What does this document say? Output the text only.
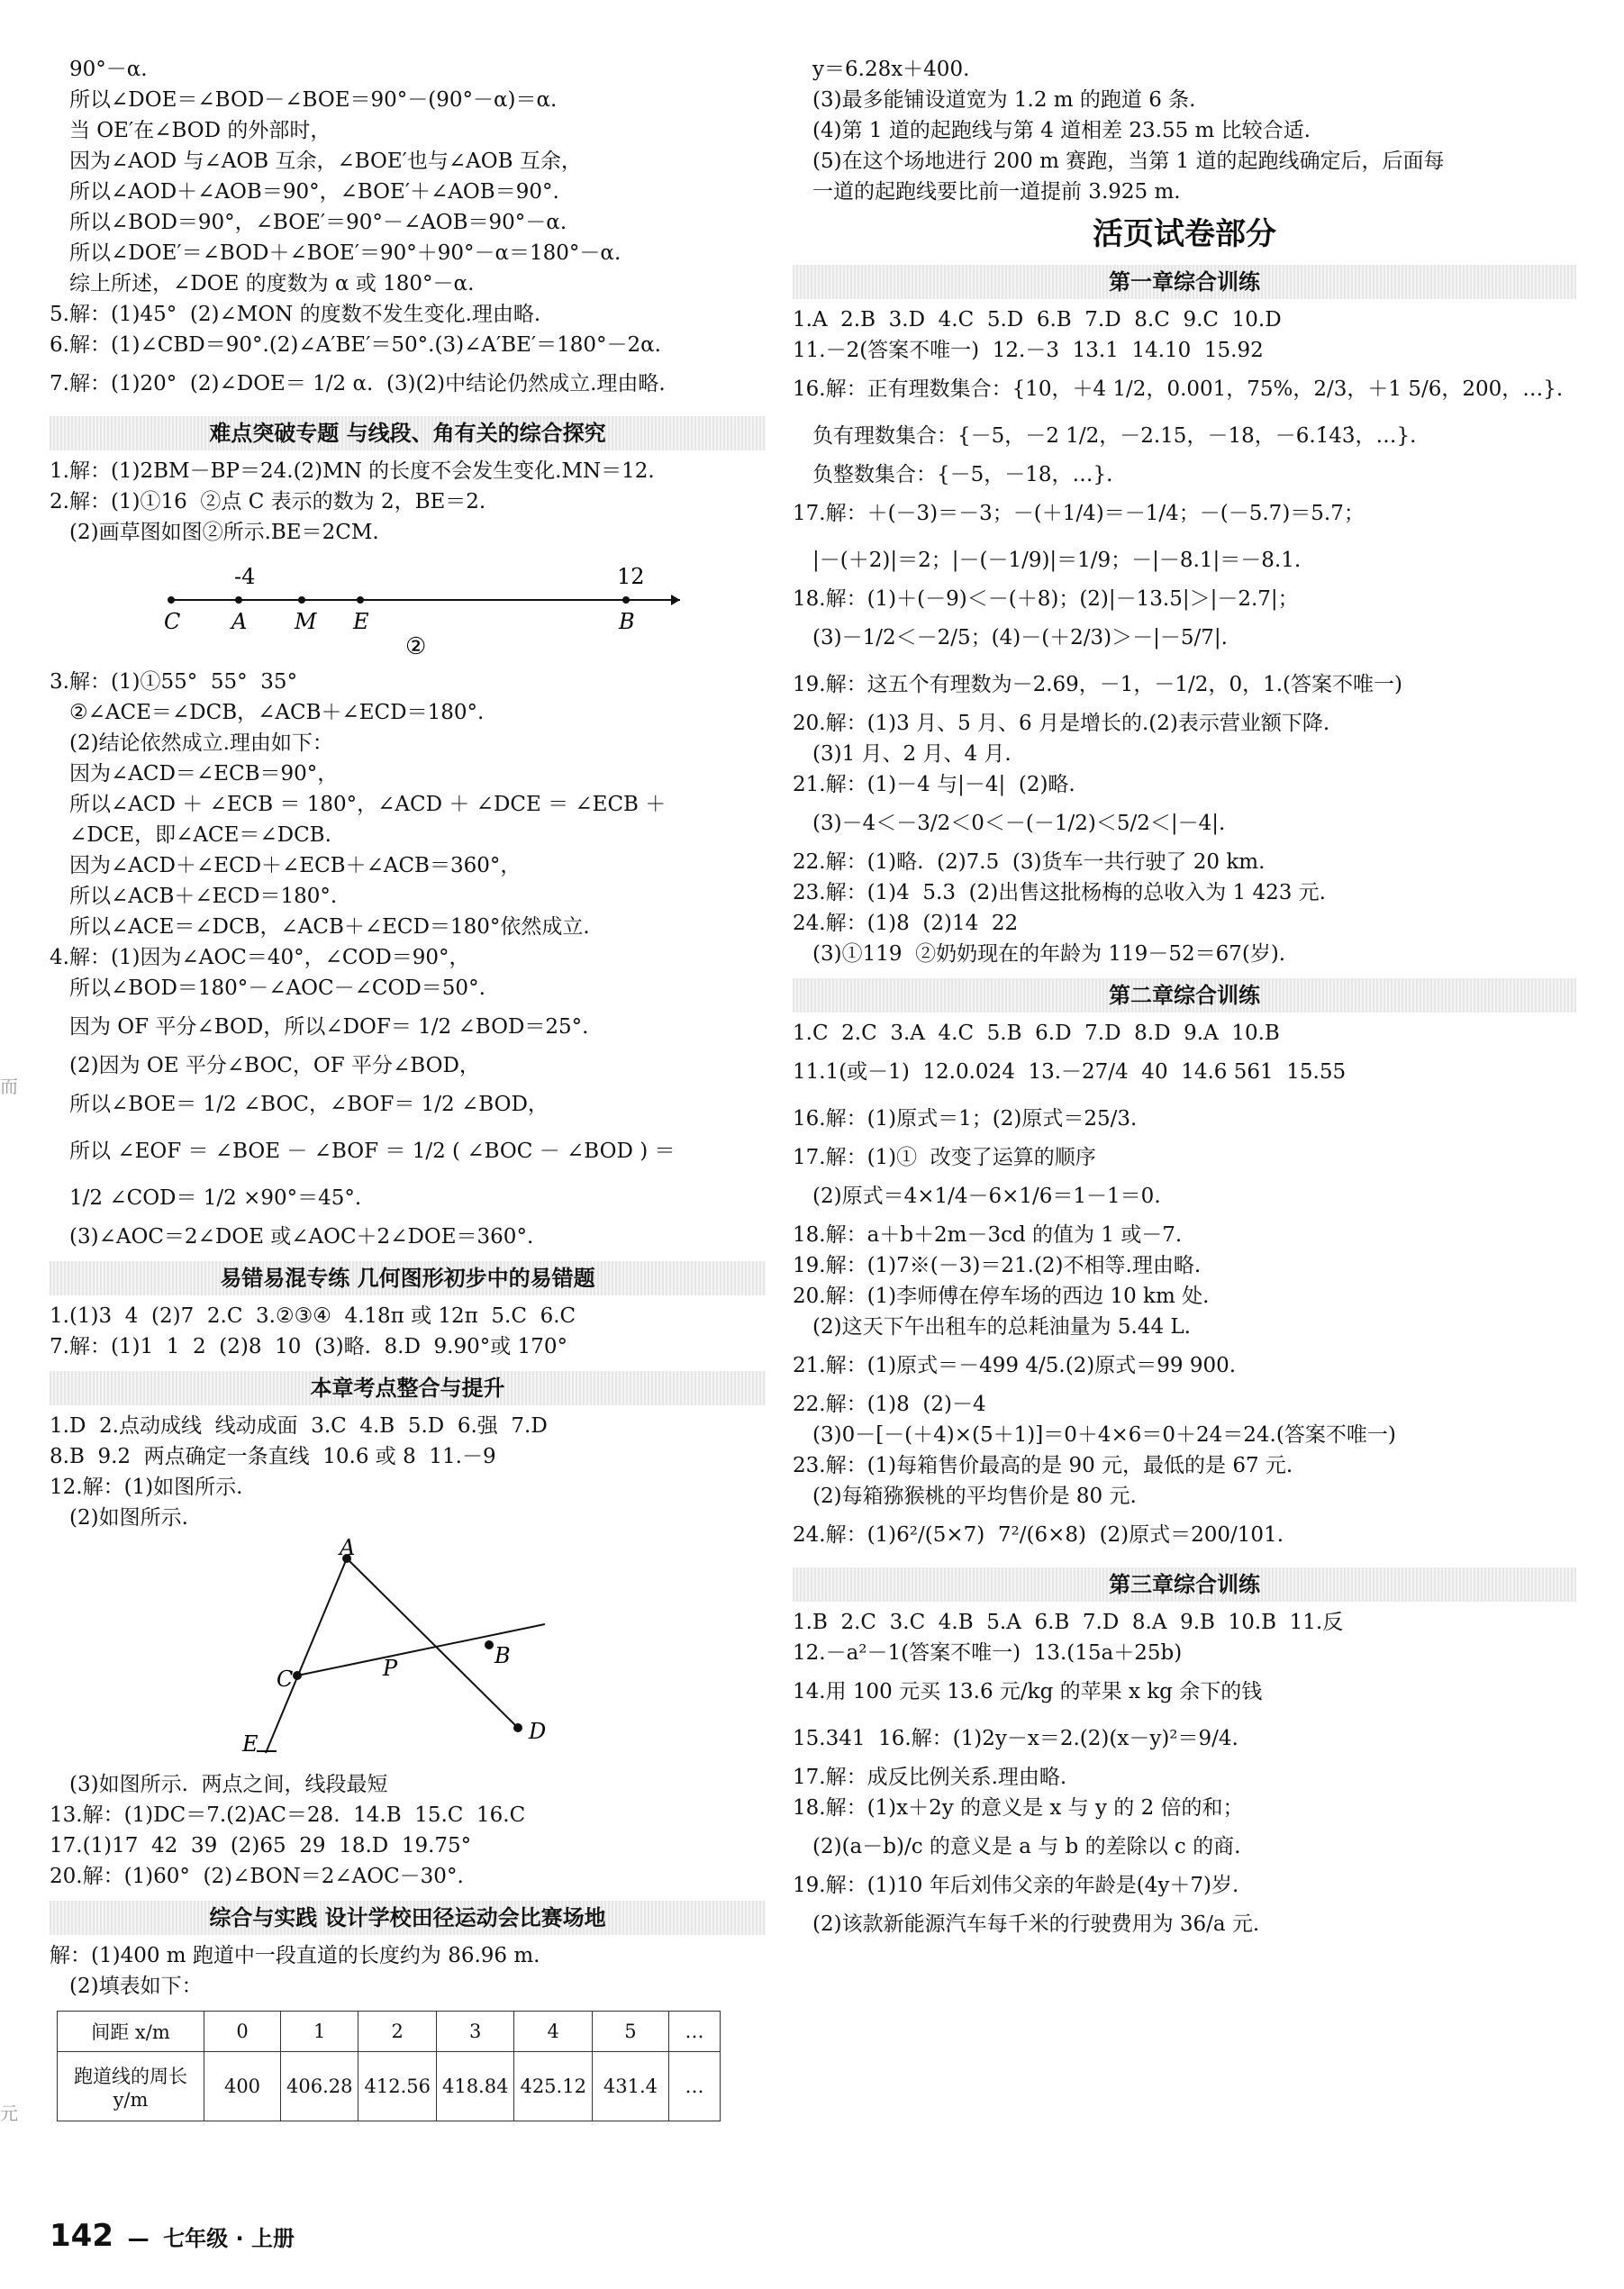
90°－α.
所以∠DOE＝∠BOD－∠BOE＝90°－(90°－α)＝α.
当 OE′在∠BOD 的外部时，
因为∠AOD 与∠AOB 互余，∠BOE′也与∠AOB 互余，
所以∠AOD＋∠AOB＝90°，∠BOE′＋∠AOB＝90°.
所以∠BOD＝90°，∠BOE′＝90°－∠AOB＝90°－α.
所以∠DOE′＝∠BOD＋∠BOE′＝90°＋90°－α＝180°－α.
综上所述，∠DOE 的度数为 α 或 180°－α.
5.解：(1)45°  (2)∠MON 的度数不发生变化.理由略.
6.解：(1)∠CBD＝90°.(2)∠A′BE′＝50°.(3)∠A′BE′＝180°－2α.
7.解：(1)20°  (2)∠DOE＝ 1/2 α.  (3)(2)中结论仍然成立.理由略.
难点突破专题 与线段、角有关的综合探究
1.解：(1)2BM－BP＝24.(2)MN 的长度不会发生变化.MN＝12.
2.解：(1)①16  ②点 C 表示的数为 2，BE＝2.
(2)画草图如图②所示.BE＝2CM.
C A M E	B
-4	12
②
3.解：(1)①55°  55°  35°
②∠ACE＝∠DCB，∠ACB＋∠ECD＝180°.
(2)结论依然成立.理由如下：
因为∠ACD＝∠ECB＝90°，
所以∠ACD ＋ ∠ECB ＝ 180°，∠ACD ＋ ∠DCE ＝ ∠ECB ＋
∠DCE，即∠ACE＝∠DCB.
因为∠ACD＋∠ECD＋∠ECB＋∠ACB＝360°，
所以∠ACB＋∠ECD＝180°.
所以∠ACE＝∠DCB，∠ACB＋∠ECD＝180°依然成立.
4.解：(1)因为∠AOC＝40°，∠COD＝90°，
所以∠BOD＝180°－∠AOC－∠COD＝50°.
因为 OF 平分∠BOD，所以∠DOF＝ 1/2 ∠BOD＝25°.
(2)因为 OE 平分∠BOC，OF 平分∠BOD，
所以∠BOE＝ 1/2 ∠BOC，∠BOF＝ 1/2 ∠BOD，
所以 ∠EOF ＝ ∠BOE － ∠BOF ＝ 1/2 ( ∠BOC － ∠BOD ) ＝
1/2 ∠COD＝ 1/2 ×90°＝45°.
(3)∠AOC＝2∠DOE 或∠AOC＋2∠DOE＝360°.
易错易混专练 几何图形初步中的易错题
1.(1)3  4  (2)7  2.C  3.②③④  4.18π 或 12π  5.C  6.C
7.解：(1)1  1  2  (2)8  10  (3)略.  8.D  9.90°或 170°
本章考点整合与提升
1.D  2.点动成线  线动成面  3.C  4.B  5.D  6.强  7.D
8.B  9.2  两点确定一条直线  10.6 或 8  11.－9
12.解：(1)如图所示.
(2)如图所示.
A
B
C	P
D
E
(3)如图所示.  两点之间，线段最短
13.解：(1)DC＝7.(2)AC＝28.  14.B  15.C  16.C
17.(1)17  42  39  (2)65  29  18.D  19.75°
20.解：(1)60°  (2)∠BON＝2∠AOC－30°.
综合与实践 设计学校田径运动会比赛场地
解：(1)400 m 跑道中一段直道的长度约为 86.96 m.
(2)填表如下：
间距 x/m	0	1	2	3	4	5	…
跑道线的周长 y/m	400	406.28	412.56	418.84	425.12	431.4	…
y＝6.28x＋400.
(3)最多能铺设道宽为 1.2 m 的跑道 6 条.
(4)第 1 道的起跑线与第 4 道相差 23.55 m 比较合适.
(5)在这个场地进行 200 m 赛跑，当第 1 道的起跑线确定后，后面每
一道的起跑线要比前一道提前 3.925 m.
活页试卷部分
第一章综合训练
1.A  2.B  3.D  4.C  5.D  6.B  7.D  8.C  9.C  10.D
11.－2(答案不唯一)  12.－3  13.1  14.10  15.92
16.解：正有理数集合：{10，＋4 1/2，0.001，75%，2/3，＋1 5/6，200，…}.
负有理数集合：{－5，－2 1/2，－2.15，－18，－6.1̇43̇，…}.
负整数集合：{－5，－18，…}.
17.解：＋(－3)＝－3；－(＋1/4)＝－1/4；－(－5.7)＝5.7；
|－(＋2)|＝2；|－(－1/9)|＝1/9；－|－8.1|＝－8.1.
18.解：(1)＋(－9)＜－(＋8)；(2)|－13.5|＞|－2.7|；
(3)－1/2＜－2/5；(4)－(＋2/3)＞－|－5/7|.
19.解：这五个有理数为－2.69，－1，－1/2，0，1.(答案不唯一)
20.解：(1)3 月、5 月、6 月是增长的.(2)表示营业额下降.
(3)1 月、2 月、4 月.
21.解：(1)－4 与|－4|  (2)略.
(3)－4＜－3/2＜0＜－(－1/2)＜5/2＜|－4|.
22.解：(1)略.  (2)7.5  (3)货车一共行驶了 20 km.
23.解：(1)4  5.3  (2)出售这批杨梅的总收入为 1 423 元.
24.解：(1)8  (2)14  22
(3)①119  ②奶奶现在的年龄为 119－52＝67(岁).
第二章综合训练
1.C  2.C  3.A  4.C  5.B  6.D  7.D  8.D  9.A  10.B
11.1(或－1)  12.0.024  13.－27/4  40  14.6 561  15.55
16.解：(1)原式＝1；(2)原式＝25/3.
17.解：(1)①  改变了运算的顺序
(2)原式＝4×1/4－6×1/6＝1－1＝0.
18.解：a＋b＋2m－3cd 的值为 1 或－7.
19.解：(1)7※(－3)＝21.(2)不相等.理由略.
20.解：(1)李师傅在停车场的西边 10 km 处.
(2)这天下午出租车的总耗油量为 5.44 L.
21.解：(1)原式＝－499 4/5.(2)原式＝99 900.
22.解：(1)8  (2)－4
(3)0－[－(＋4)×(5＋1)]＝0＋4×6＝0＋24＝24.(答案不唯一)
23.解：(1)每箱售价最高的是 90 元，最低的是 67 元.
(2)每箱猕猴桃的平均售价是 80 元.
24.解：(1)6²/(5×7)  7²/(6×8)  (2)原式＝200/101.
第三章综合训练
1.B  2.C  3.C  4.B  5.A  6.B  7.D  8.A  9.B  10.B  11.反
12.－a²－1(答案不唯一)  13.(15a＋25b)
14.用 100 元买 13.6 元/kg 的苹果 x kg 余下的钱
15.341  16.解：(1)2y－x＝2.(2)(x－y)²＝9/4.
17.解：成反比例关系.理由略.
18.解：(1)x＋2y 的意义是 x 与 y 的 2 倍的和；
(2)(a－b)/c 的意义是 a 与 b 的差除以 c 的商.
19.解：(1)10 年后刘伟父亲的年龄是(4y＋7)岁.
(2)该款新能源汽车每千米的行驶费用为 36/a 元.
142 — 七年级 · 上册
而
元
